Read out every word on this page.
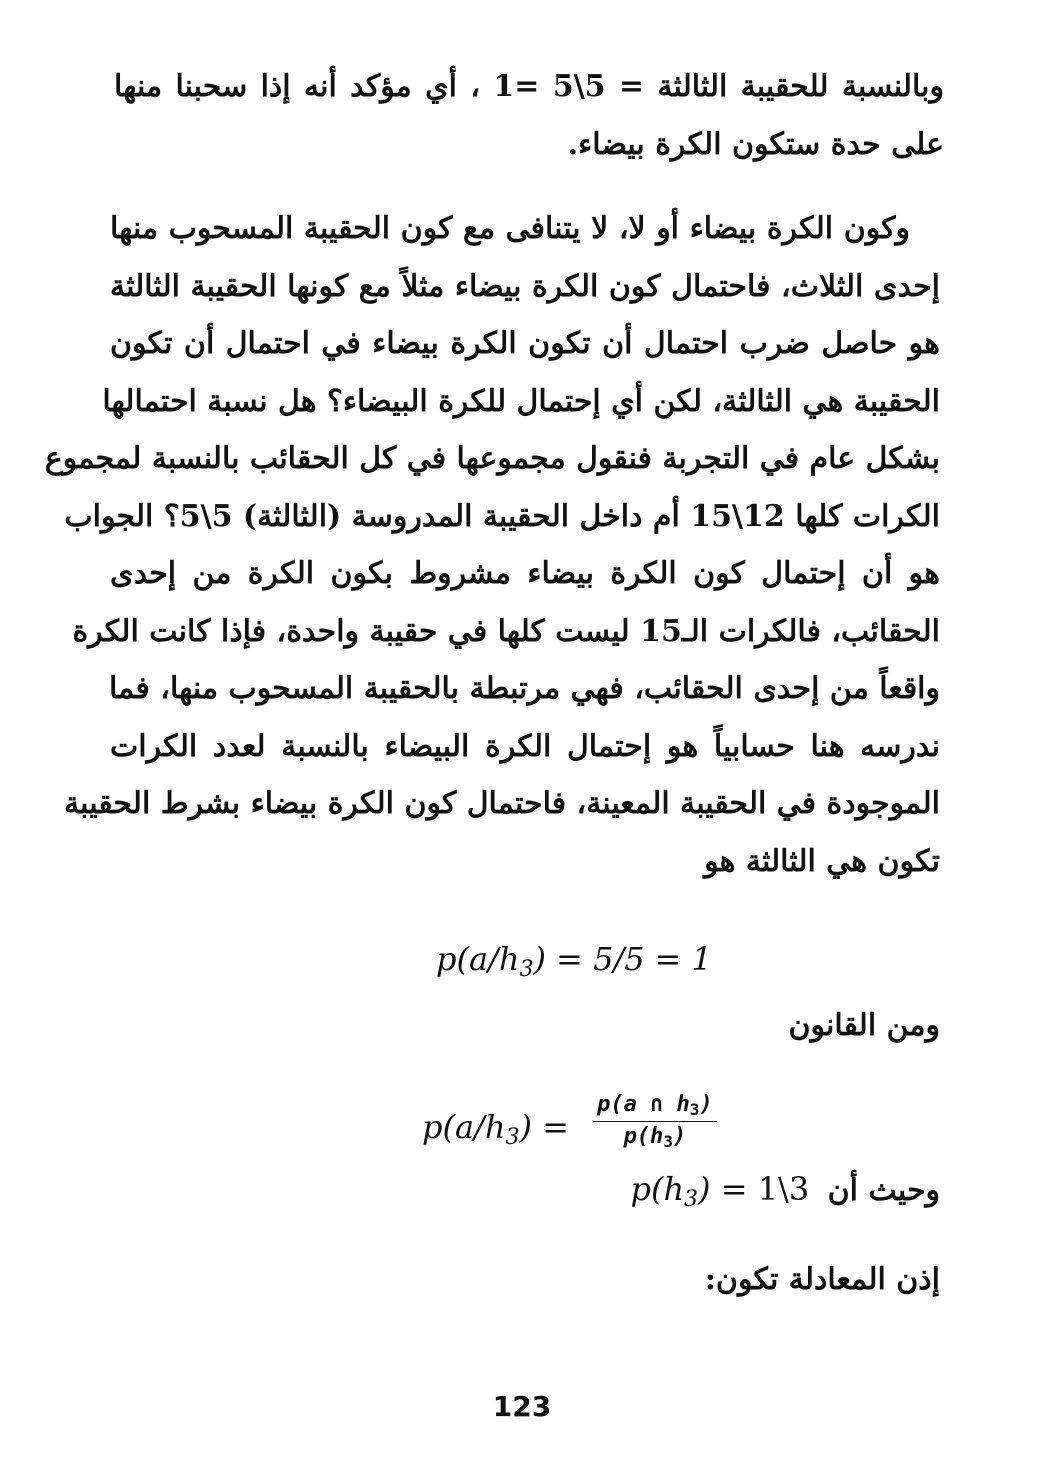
وبالنسبة للحقيبة الثالثة = 5\5 =1 ، أي مؤكد أنه إذا سحبنا منها
على حدة ستكون الكرة بيضاء.
وكون الكرة بيضاء أو لا، لا يتنافى مع كون الحقيبة المسحوب منها
إحدى الثلاث، فاحتمال كون الكرة بيضاء مثلاً مع كونها الحقيبة الثالثة
هو حاصل ضرب احتمال أن تكون الكرة بيضاء في احتمال أن تكون
الحقيبة هي الثالثة، لكن أي إحتمال للكرة البيضاء؟ هل نسبة احتمالها
بشكل عام في التجربة فنقول مجموعها في كل الحقائب بالنسبة لمجموع
الكرات كلها 12\15 أم داخل الحقيبة المدروسة (الثالثة) 5\5؟ الجواب
هو أن إحتمال كون الكرة بيضاء مشروط بكون الكرة من إحدى
الحقائب، فالكرات الـ15 ليست كلها في حقيبة واحدة، فإذا كانت الكرة
واقعاً من إحدى الحقائب، فهي مرتبطة بالحقيبة المسحوب منها، فما
ندرسه هنا حسابياً هو إحتمال الكرة البيضاء بالنسبة لعدد الكرات
الموجودة في الحقيبة المعينة، فاحتمال كون الكرة بيضاء بشرط الحقيبة
تكون هي الثالثة هو
$p(a/h_3) = 5/5 = 1$
ومن القانون
$p(a/h_3) = \frac{p(a \cap h_3)}{p(h_3)}$
وحيث أن $p(h_3)$ = 1\3
إذن المعادلة تكون:
123
